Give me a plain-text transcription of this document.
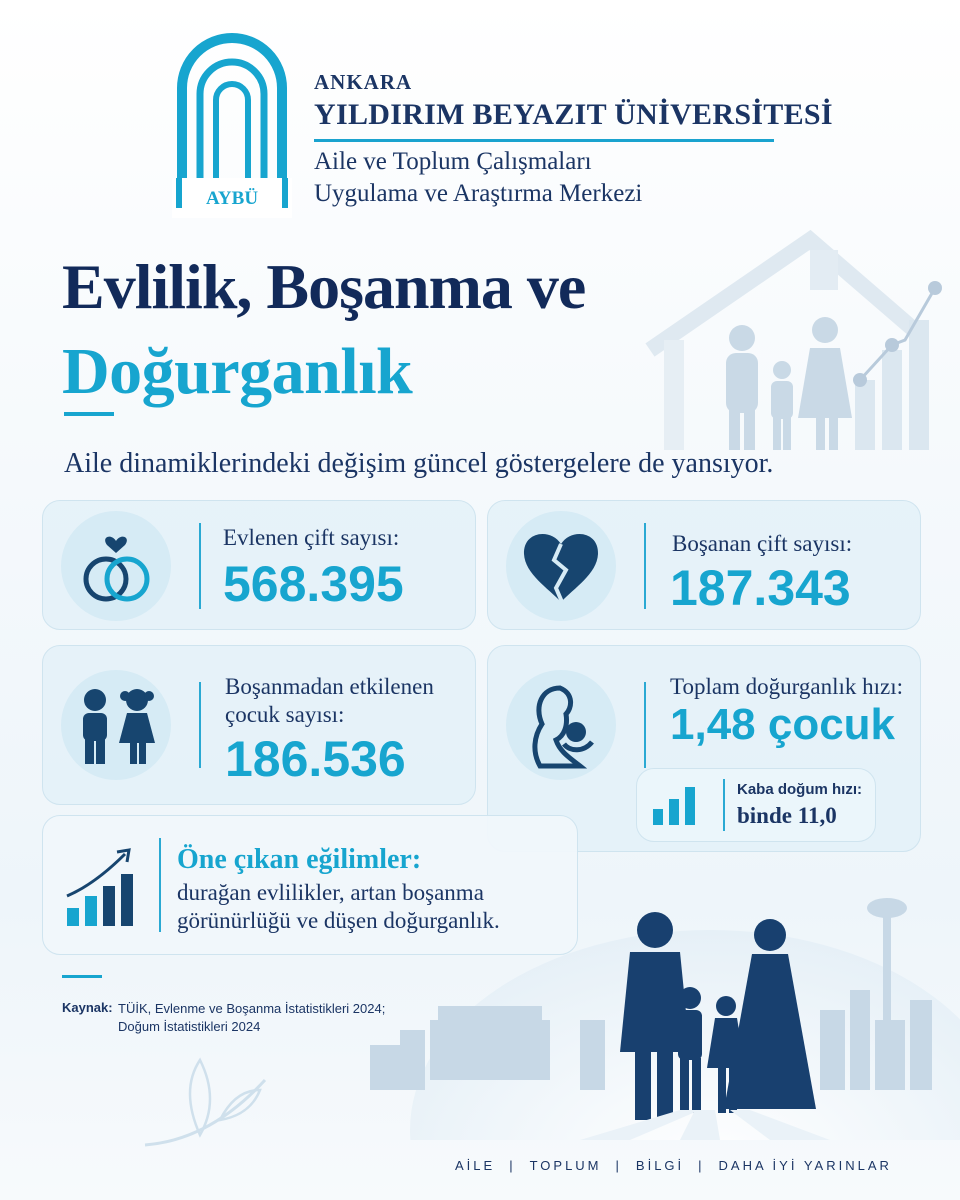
AYBÜ
ANKARA
YILDIRIM BEYAZIT ÜNİVERSİTESİ
Aile ve Toplum Çalışmaları
Uygulama ve Araştırma Merkezi
Evlilik, Boşanma ve
Doğurganlık
Aile dinamiklerindeki değişim güncel göstergelere de yansıyor.
Evlenen çift sayısı:
568.395
Boşanan çift sayısı:
187.343
Boşanmadan etkilenen
çocuk sayısı:
186.536
Toplam doğurganlık hızı:
1,48 çocuk
Kaba doğum hızı:
binde 11,0
Öne çıkan eğilimler:
durağan evlilikler, artan boşanma
görünürlüğü ve düşen doğurganlık.
Kaynak: TÜİK, Evlenme ve Boşanma İstatistikleri 2024;
Doğum İstatistikleri 2024
AİLE | TOPLUM | BİLGİ | DAHA İYİ YARINLAR
